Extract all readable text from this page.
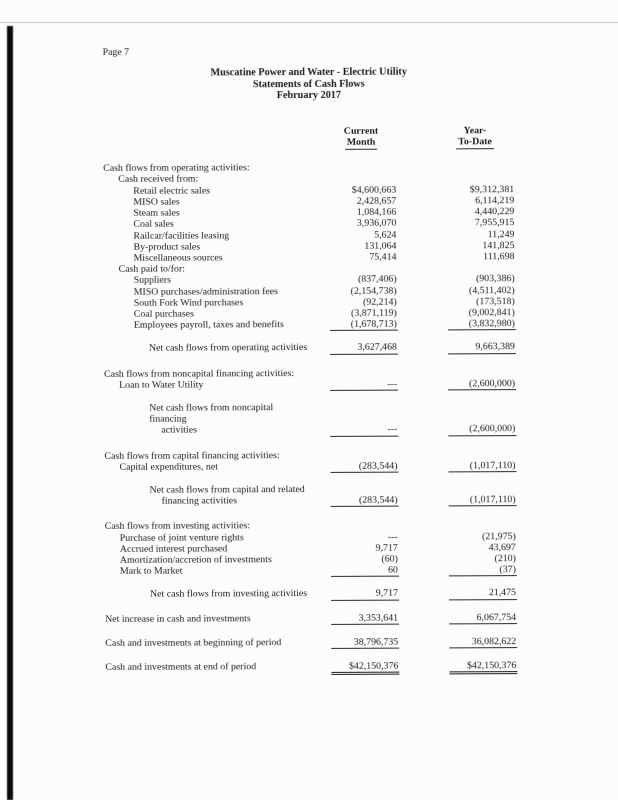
Page 7

Muscatine Power and Water - Electric Utility
Statements of Cash Flows
February 2017
Current
Month
Year-
To-Date
Cash flows from operating activities:
Cash received from:
Retail electric sales	$4,600,663	$9,312,381
MISO sales	2,428,657	6,114,219
Steam sales	1,084,166	4,440,229
Coal sales	3,936,070	7,955,915
Railcar/facilities leasing	5,624	11,249
By-product sales	131,064	141,825
Miscellaneous sources	75,414	111,698
Cash paid to/for:
Suppliers	(837,406)	(903,386)
MISO purchases/administration fees	(2,154,738)	(4,511,402)
South Fork Wind purchases	(92,214)	(173,518)
Coal purchases	(3,871,119)	(9,002,841)
Employees payroll, taxes and benefits	(1,678,713)	(3,832,980)
Net cash flows from operating activities	3,627,468	9,663,389
Cash flows from noncapital financing activities:
Loan to Water Utility	---	(2,600,000)
Net cash flows from noncapital financing
activities	---	(2,600,000)
Cash flows from capital financing activities:
Capital expenditures, net	(283,544)	(1,017,110)
Net cash flows from capital and related
financing activities	(283,544)	(1,017,110)
Cash flows from investing activities:
Purchase of joint venture rights	---	(21,975)
Accrued interest purchased	9,717	43,697
Amortization/accretion of investments	(60)	(210)
Mark to Market	60	(37)
Net cash flows from investing activities	9,717	21,475
Net increase in cash and investments	3,353,641	6,067,754
Cash and investments at beginning of period	38,796,735	36,082,622
Cash and investments at end of period	$42,150,376	$42,150,376
